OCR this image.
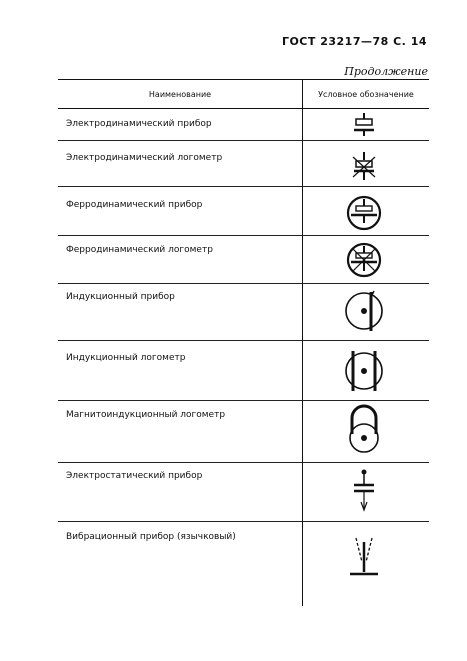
ГОСТ 23217—78 С. 14
Продолжение
Наименование	Условное обозначение
Электродинамический прибор
Электродинамический логометр
Ферродинамический прибор
Ферродинамический логометр
Индукционный прибор
Индукционный логометр
Магнитоиндукционный логометр
Электростатический прибор
Вибрационный прибор (язычковый)
